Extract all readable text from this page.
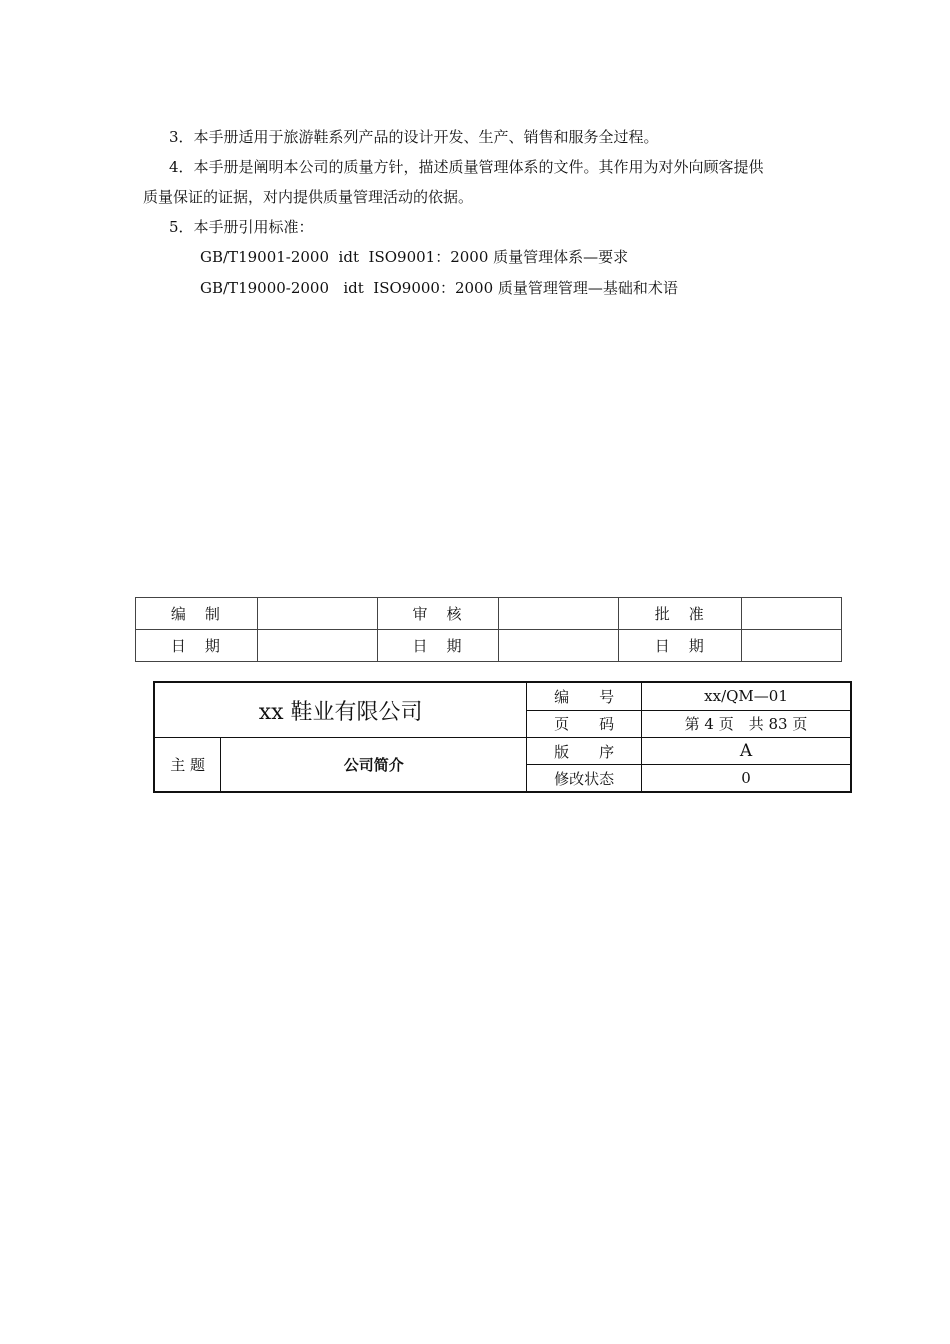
3．本手册适用于旅游鞋系列产品的设计开发、生产、销售和服务全过程。
4．本手册是阐明本公司的质量方针，描述质量管理体系的文件。其作用为对外向顾客提供
质量保证的证据，对内提供质量管理活动的依据。
5．本手册引用标准：
GB/T19001-2000  idt  ISO9001：2000 质量管理体系—要求
GB/T19000-2000   idt  ISO9000：2000 质量管理管理—基础和术语
编　制		审　核		批　准	
日　期		日　期		日　期	
xx 鞋业有限公司		编　　号	xx/QM—01
		页　　码	第 4 页　共 83 页
主 题	公司简介	版　　序	A
		修改状态	0
